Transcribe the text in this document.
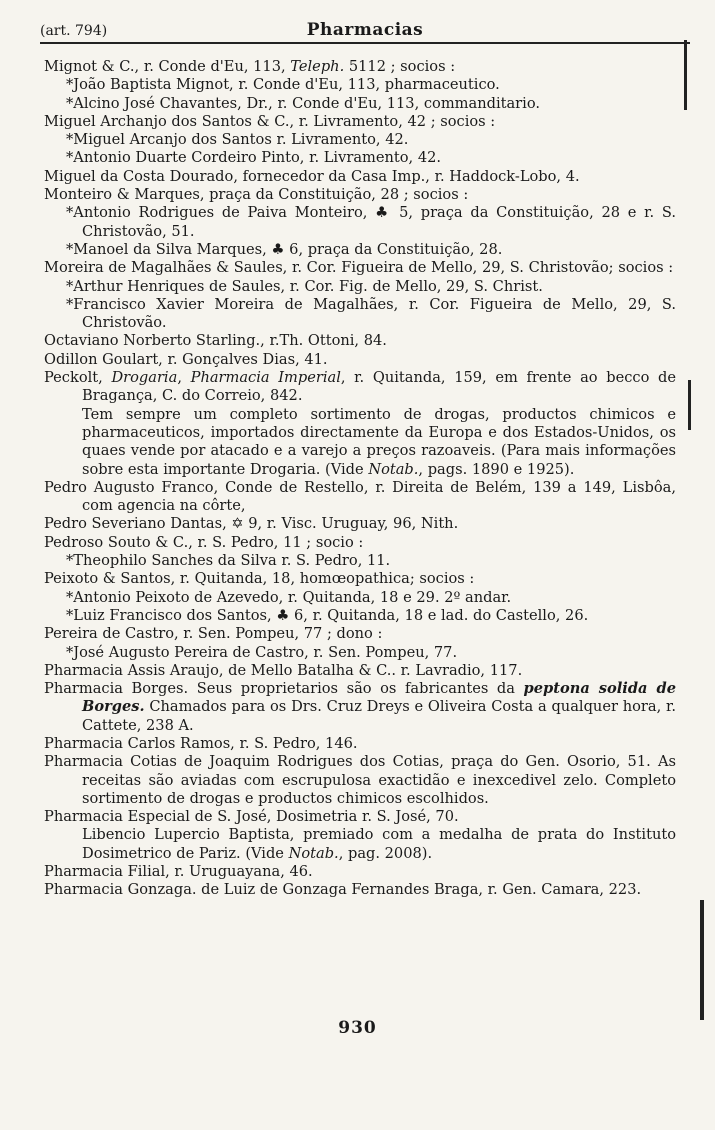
(art. 794)	Pharmacias
Mignot & C., r. Conde d'Eu, 113, Teleph. 5112 ; socios :
*João Baptista Mignot, r. Conde d'Eu, 113, pharmaceutico.
*Alcino José Chavantes, Dr., r. Conde d'Eu, 113, commanditario.
Miguel Archanjo dos Santos & C., r. Livramento, 42 ; socios :
*Miguel Arcanjo dos Santos r. Livramento, 42.
*Antonio Duarte Cordeiro Pinto, r. Livramento, 42.
Miguel da Costa Dourado, fornecedor da Casa Imp., r. Haddock-Lobo, 4.
Monteiro & Marques, praça da Constituição, 28 ; socios :
*Antonio Rodrigues de Paiva Monteiro, ♣ 5, praça da Constituição, 28 e r. S. Christovão, 51.
*Manoel da Silva Marques, ♣ 6, praça da Constituição, 28.
Moreira de Magalhães & Saules, r. Cor. Figueira de Mello, 29, S. Christovão; socios :
*Arthur Henriques de Saules, r. Cor. Fig. de Mello, 29, S. Christ.
*Francisco Xavier Moreira de Magalhães, r. Cor. Figueira de Mello, 29, S. Christovão.
Octaviano Norberto Starling., r.Th. Ottoni, 84.
Odillon Goulart, r. Gonçalves Dias, 41.
Peckolt, Drogaria, Pharmacia Imperial, r. Quitanda, 159, em frente ao becco de Bragança, C. do Correio, 842.
Tem sempre um completo sortimento de drogas, productos chimicos e pharmaceuticos, importados directamente da Europa e dos Estados-Unidos, os quaes vende por atacado e a varejo a preços razoaveis. (Para mais informações sobre esta importante Drogaria. (Vide Notab., pags. 1890 e 1925).
Pedro Augusto Franco, Conde de Restello, r. Direita de Belém, 139 a 149, Lisbôa, com agencia na côrte,
Pedro Severiano Dantas, ✡ 9, r. Visc. Uruguay, 96, Nith.
Pedroso Souto & C., r. S. Pedro, 11 ; socio :
*Theophilo Sanches da Silva r. S. Pedro, 11.
Peixoto & Santos, r. Quitanda, 18, homœopathica; socios :
*Antonio Peixoto de Azevedo, r. Quitanda, 18 e 29. 2º andar.
*Luiz Francisco dos Santos, ♣ 6, r. Quitanda, 18 e lad. do Castello, 26.
Pereira de Castro, r. Sen. Pompeu, 77 ; dono :
*José Augusto Pereira de Castro, r. Sen. Pompeu, 77.
Pharmacia Assis Araujo, de Mello Batalha & C.. r. Lavradio, 117.
Pharmacia Borges. Seus proprietarios são os fabricantes da peptona solida de Borges. Chamados para os Drs. Cruz Dreys e Oliveira Costa a qualquer hora, r. Cattete, 238 A.
Pharmacia Carlos Ramos, r. S. Pedro, 146.
Pharmacia Cotias de Joaquim Rodrigues dos Cotias, praça do Gen. Osorio, 51. As receitas são aviadas com escrupulosa exactidão e inexcedivel zelo. Completo sortimento de drogas e productos chimicos escolhidos.
Pharmacia Especial de S. José, Dosimetria r. S. José, 70.
Libencio Lupercio Baptista, premiado com a medalha de prata do Instituto Dosimetrico de Pariz. (Vide Notab., pag. 2008).
Pharmacia Filial, r. Uruguayana, 46.
Pharmacia Gonzaga. de Luiz de Gonzaga Fernandes Braga, r. Gen. Camara, 223.
930
